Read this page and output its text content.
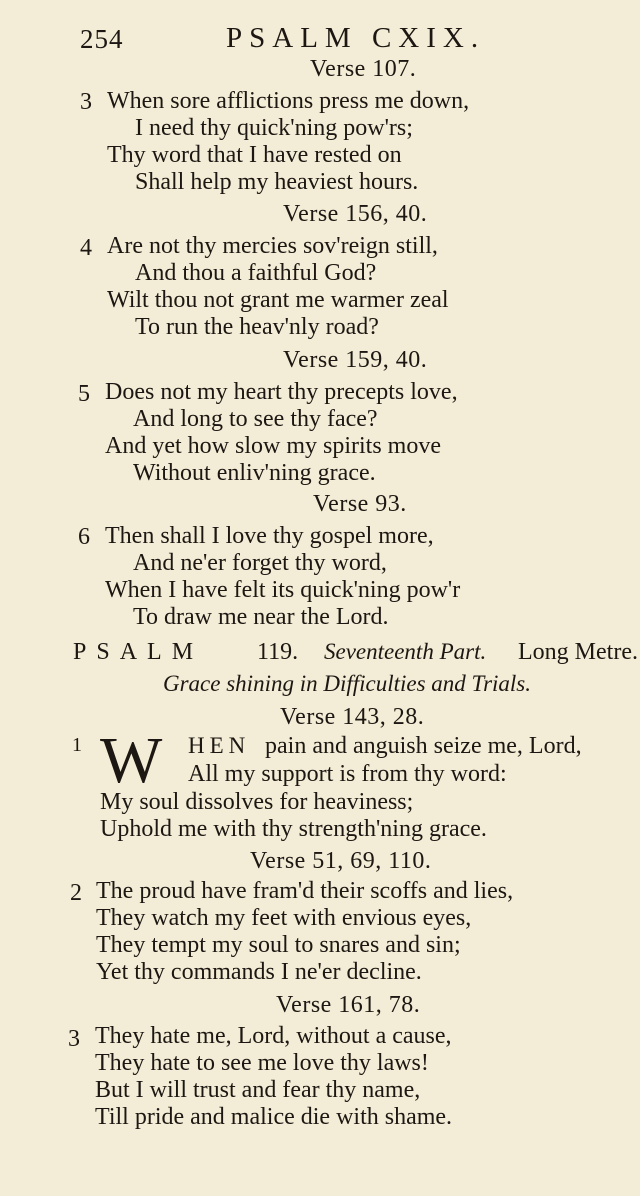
254	PSALM CXIX.
Verse 107.
3 When sore afflictions press me down,
I need thy quick'ning pow'rs;
Thy word that I have rested on
Shall help my heaviest hours.
Verse 156, 40.
4 Are not thy mercies sov'reign still,
And thou a faithful God?
Wilt thou not grant me warmer zeal
To run the heav'nly road?
Verse 159, 40.
5 Does not my heart thy precepts love,
And long to see thy face?
And yet how slow my spirits move
Without enliv'ning grace.
Verse 93.
6 Then shall I love thy gospel more,
And ne'er forget thy word,
When I have felt its quick'ning pow'r
To draw me near the Lord.
PSALM 119. Seventeenth Part. Long Metre.
Grace shining in Difficulties and Trials.
Verse 143, 28.
1 W HEN pain and anguish seize me, Lord,
All my support is from thy word:
My soul dissolves for heaviness;
Uphold me with thy strength'ning grace.
Verse 51, 69, 110.
2 The proud have fram'd their scoffs and lies,
They watch my feet with envious eyes,
They tempt my soul to snares and sin;
Yet thy commands I ne'er decline.
Verse 161, 78.
3 They hate me, Lord, without a cause,
They hate to see me love thy laws!
But I will trust and fear thy name,
Till pride and malice die with shame.
